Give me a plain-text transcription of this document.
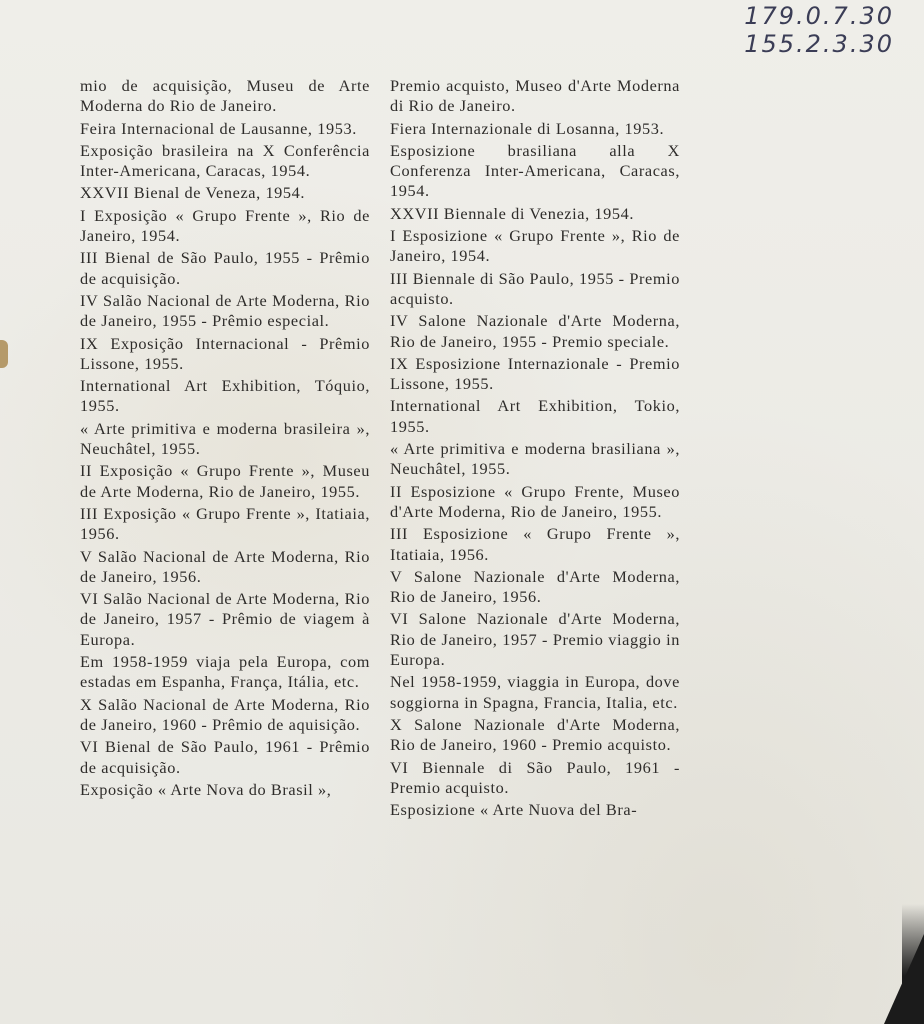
179.0.7.30
155.2.3.30

mio de acquisição, Museu de Arte Moderna do Rio de Janeiro.

Feira Internacional de Lausanne, 1953.

Exposição brasileira na X Conferência Inter-Americana, Caracas, 1954.

XXVII Bienal de Veneza, 1954.

I Exposição « Grupo Frente », Rio de Janeiro, 1954.

III Bienal de São Paulo, 1955 - Prêmio de acquisição.

IV Salão Nacional de Arte Moderna, Rio de Janeiro, 1955 - Prêmio especial.

IX Exposição Internacional - Prêmio Lissone, 1955.

International Art Exhibition, Tóquio, 1955.

« Arte primitiva e moderna brasileira », Neuchâtel, 1955.

II Exposição « Grupo Frente », Museu de Arte Moderna, Rio de Janeiro, 1955.

III Exposição « Grupo Frente », Itatiaia, 1956.

V Salão Nacional de Arte Moderna, Rio de Janeiro, 1956.

VI Salão Nacional de Arte Moderna, Rio de Janeiro, 1957 - Prêmio de viagem à Europa.

Em 1958-1959 viaja pela Europa, com estadas em Espanha, França, Itália, etc.

X Salão Nacional de Arte Moderna, Rio de Janeiro, 1960 - Prêmio de aquisição.

VI Bienal de São Paulo, 1961 - Prêmio de acquisição.

Exposição « Arte Nova do Brasil »,

Premio acquisto, Museo d'Arte Moderna di Rio de Janeiro.

Fiera Internazionale di Losanna, 1953.

Esposizione brasiliana alla X Conferenza Inter-Americana, Caracas, 1954.

XXVII Biennale di Venezia, 1954.

I Esposizione « Grupo Frente », Rio de Janeiro, 1954.

III Biennale di São Paulo, 1955 - Premio acquisto.

IV Salone Nazionale d'Arte Moderna, Rio de Janeiro, 1955 - Premio speciale.

IX Esposizione Internazionale - Premio Lissone, 1955.

International Art Exhibition, Tokio, 1955.

« Arte primitiva e moderna brasiliana », Neuchâtel, 1955.

II Esposizione « Grupo Frente, Museo d'Arte Moderna, Rio de Janeiro, 1955.

III Esposizione « Grupo Frente », Itatiaia, 1956.

V Salone Nazionale d'Arte Moderna, Rio de Janeiro, 1956.

VI Salone Nazionale d'Arte Moderna, Rio de Janeiro, 1957 - Premio viaggio in Europa.

Nel 1958-1959, viaggia in Europa, dove soggiorna in Spagna, Francia, Italia, etc.

X Salone Nazionale d'Arte Moderna, Rio de Janeiro, 1960 - Premio acquisto.

VI Biennale di São Paulo, 1961 - Premio acquisto.

Esposizione « Arte Nuova del Bra-
